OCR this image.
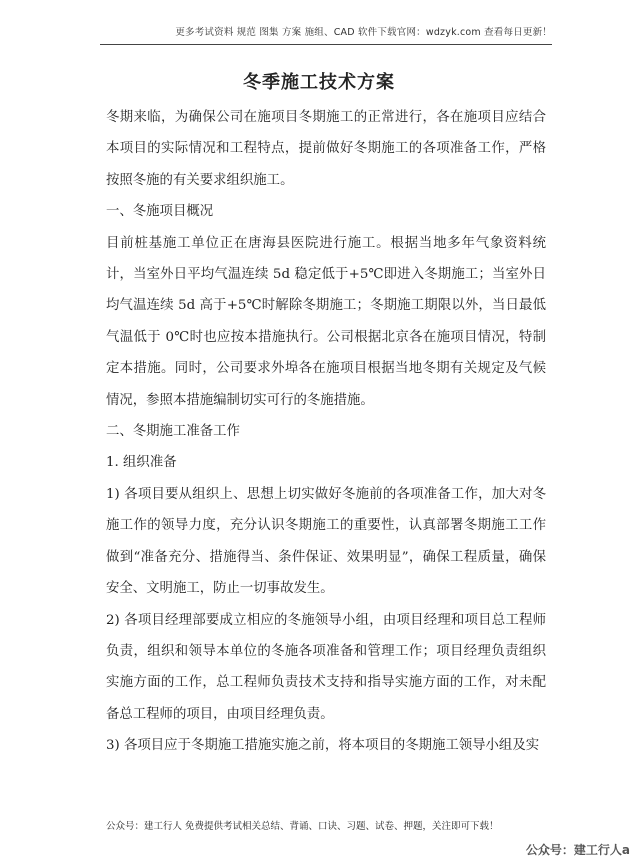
更多考试资料 规范 图集 方案 施组、CAD 软件下载官网：wdzyk.com 查看每日更新！
冬季施工技术方案

冬期来临，为确保公司在施项目冬期施工的正常进行，各在施项目应结合本项目的实际情况和工程特点，提前做好冬期施工的各项准备工作，严格按照冬施的有关要求组织施工。

一、冬施项目概况

目前桩基施工单位正在唐海县医院进行施工。根据当地多年气象资料统计，当室外日平均气温连续 5d 稳定低于+5℃即进入冬期施工；当室外日均气温连续 5d 高于+5℃时解除冬期施工；冬期施工期限以外，当日最低气温低于 0℃时也应按本措施执行。公司根据北京各在施项目情况，特制定本措施。同时，公司要求外埠各在施项目根据当地冬期有关规定及气候情况，参照本措施编制切实可行的冬施措施。

二、冬期施工准备工作

1. 组织准备

1) 各项目要从组织上、思想上切实做好冬施前的各项准备工作，加大对冬施工作的领导力度，充分认识冬期施工的重要性，认真部署冬期施工工作做到“准备充分、措施得当、条件保证、效果明显”，确保工程质量，确保安全、文明施工，防止一切事故发生。

2) 各项目经理部要成立相应的冬施领导小组，由项目经理和项目总工程师负责，组织和领导本单位的冬施各项准备和管理工作；项目经理负责组织实施方面的工作，总工程师负责技术支持和指导实施方面的工作，对未配备总工程师的项目，由项目经理负责。

3) 各项目应于冬期施工措施实施之前，将本项目的冬期施工领导小组及实

公众号：建工行人 免费提供考试相关总结、背诵、口诀、习题、试卷、押题，关注即可下载！
公众号：建工行人a
